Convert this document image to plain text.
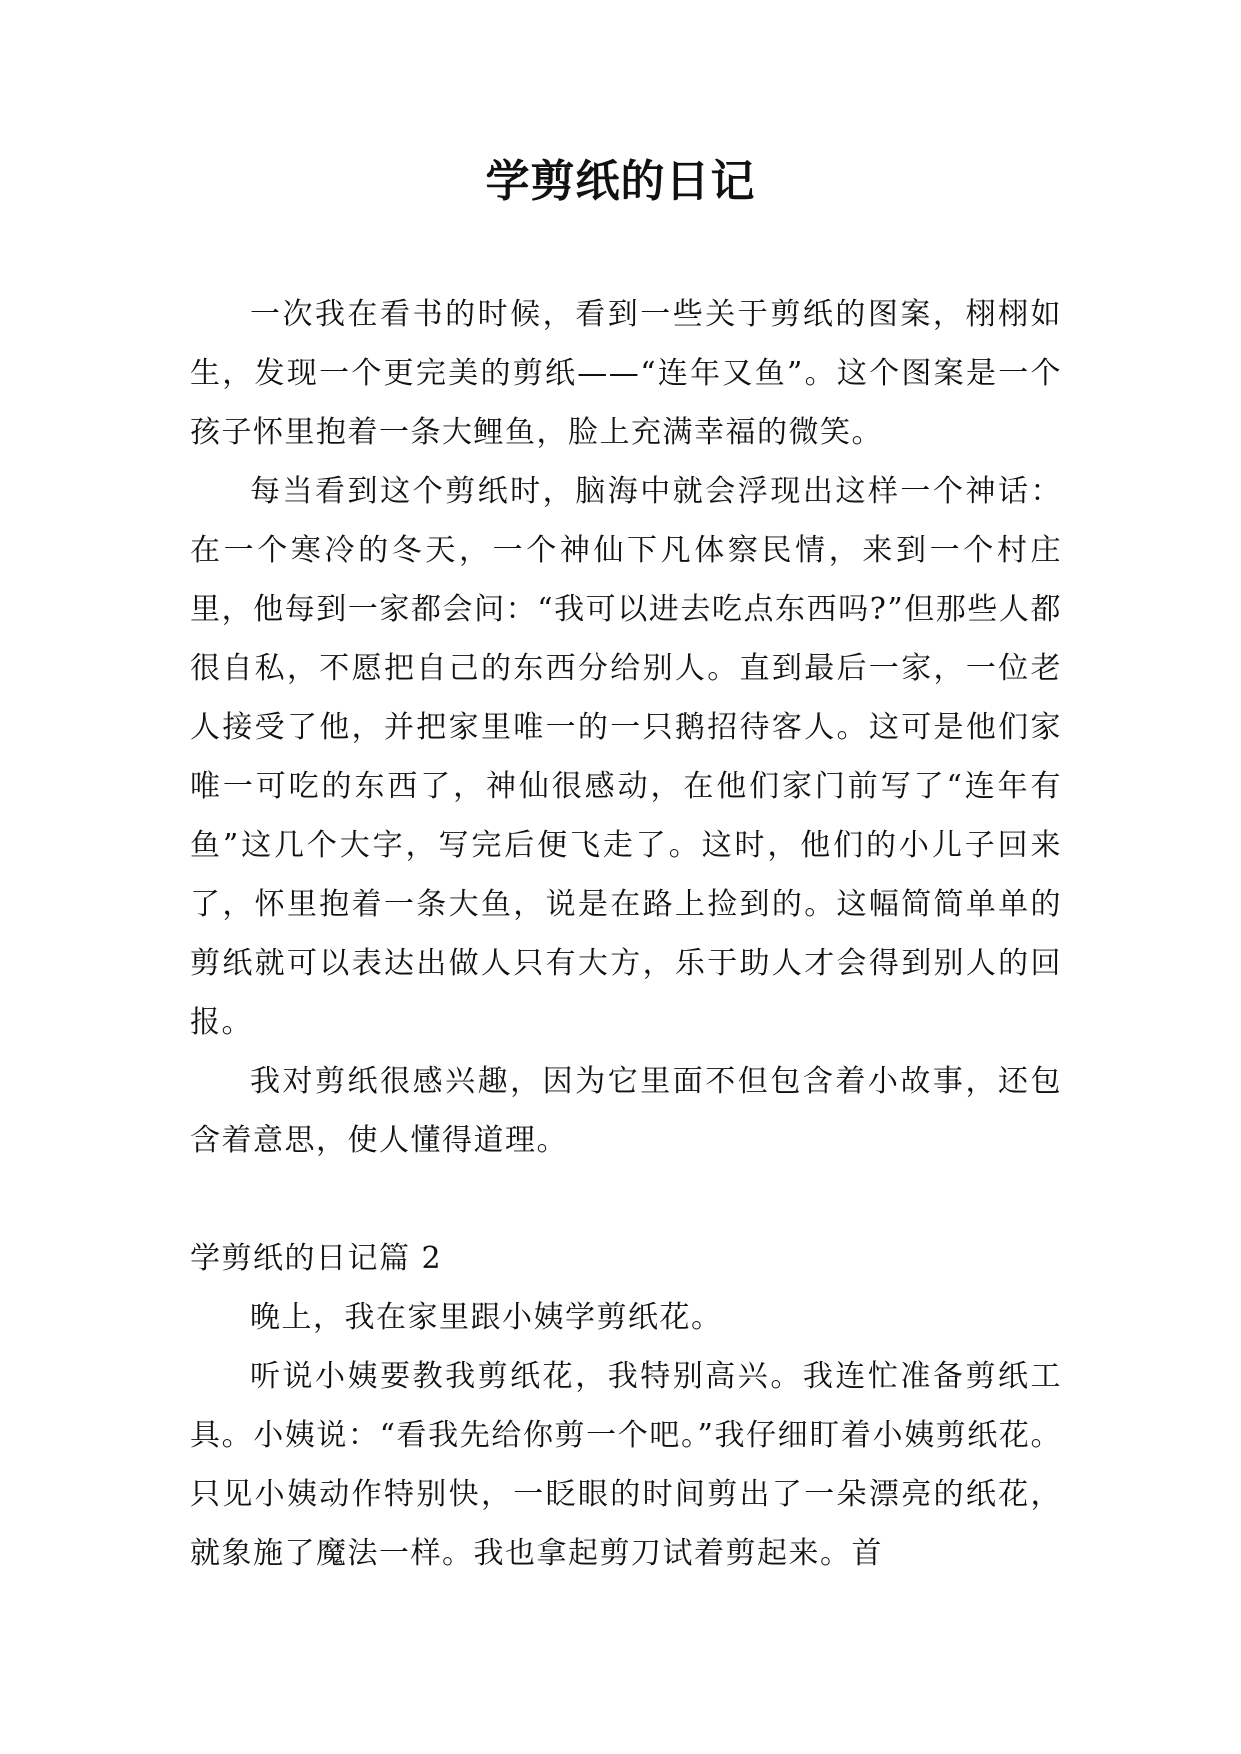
学剪纸的日记

一次我在看书的时候，看到一些关于剪纸的图案，栩栩如生，发现一个更完美的剪纸——“连年又鱼”。这个图案是一个孩子怀里抱着一条大鲤鱼，脸上充满幸福的微笑。

每当看到这个剪纸时，脑海中就会浮现出这样一个神话：在一个寒冷的冬天，一个神仙下凡体察民情，来到一个村庄里，他每到一家都会问：“我可以进去吃点东西吗?”但那些人都很自私，不愿把自己的东西分给别人。直到最后一家，一位老人接受了他，并把家里唯一的一只鹅招待客人。这可是他们家唯一可吃的东西了，神仙很感动，在他们家门前写了“连年有鱼”这几个大字，写完后便飞走了。这时，他们的小儿子回来了，怀里抱着一条大鱼，说是在路上捡到的。这幅简简单单的剪纸就可以表达出做人只有大方，乐于助人才会得到别人的回报。

我对剪纸很感兴趣，因为它里面不但包含着小故事，还包含着意思，使人懂得道理。

学剪纸的日记篇 2

晚上，我在家里跟小姨学剪纸花。

听说小姨要教我剪纸花，我特别高兴。我连忙准备剪纸工具。小姨说：“看我先给你剪一个吧。”我仔细盯着小姨剪纸花。只见小姨动作特别快，一眨眼的时间剪出了一朵漂亮的纸花，就象施了魔法一样。我也拿起剪刀试着剪起来。首
